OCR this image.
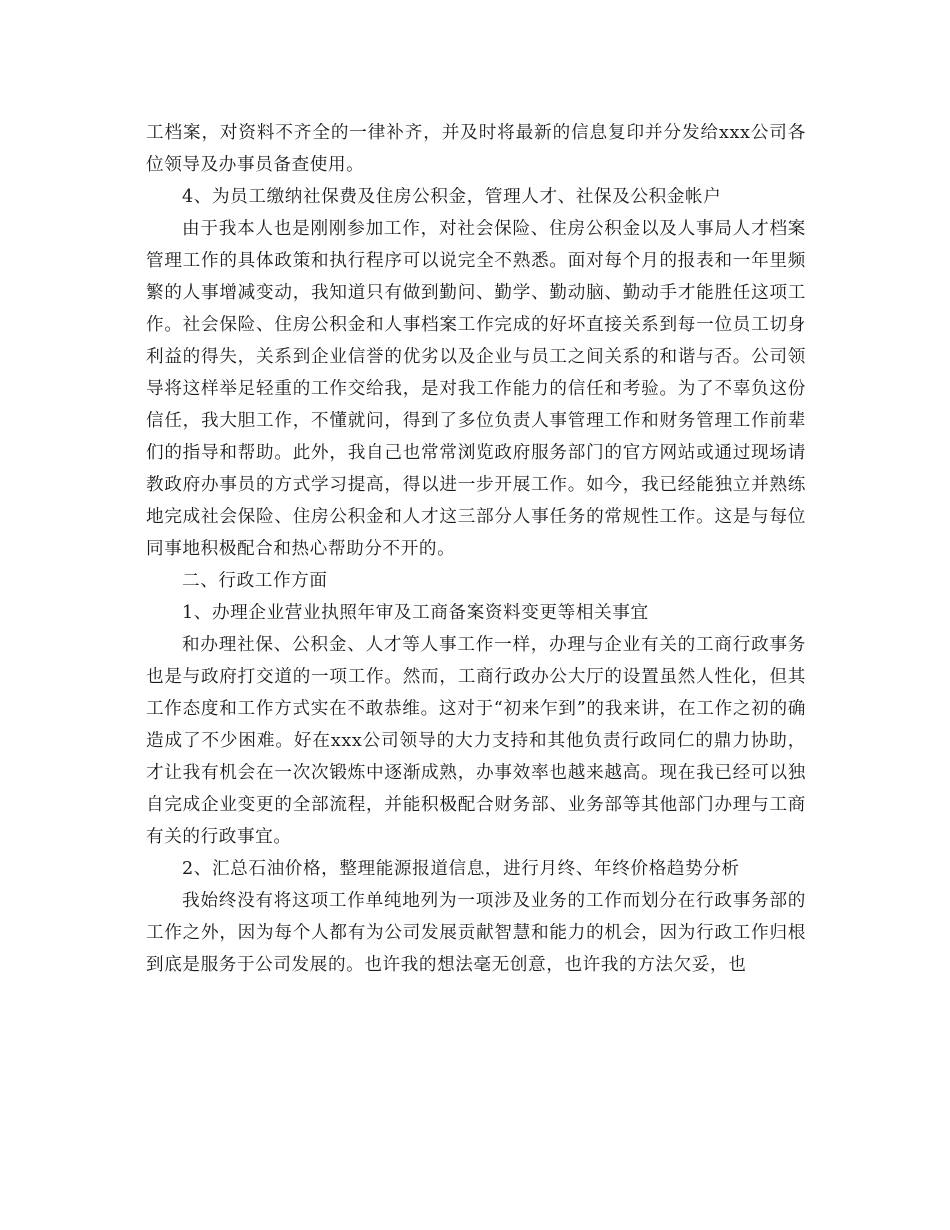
工档案，对资料不齐全的一律补齐，并及时将最新的信息复印并分发给xxx公司各位领导及办事员备查使用。

4、为员工缴纳社保费及住房公积金，管理人才、社保及公积金帐户

由于我本人也是刚刚参加工作，对社会保险、住房公积金以及人事局人才档案管理工作的具体政策和执行程序可以说完全不熟悉。面对每个月的报表和一年里频繁的人事增减变动，我知道只有做到勤问、勤学、勤动脑、勤动手才能胜任这项工作。社会保险、住房公积金和人事档案工作完成的好坏直接关系到每一位员工切身利益的得失，关系到企业信誉的优劣以及企业与员工之间关系的和谐与否。公司领导将这样举足轻重的工作交给我，是对我工作能力的信任和考验。为了不辜负这份信任，我大胆工作，不懂就问，得到了多位负责人事管理工作和财务管理工作前辈们的指导和帮助。此外，我自己也常常浏览政府服务部门的官方网站或通过现场请教政府办事员的方式学习提高，得以进一步开展工作。如今，我已经能独立并熟练地完成社会保险、住房公积金和人才这三部分人事任务的常规性工作。这是与每位同事地积极配合和热心帮助分不开的。

二、行政工作方面

1、办理企业营业执照年审及工商备案资料变更等相关事宜

和办理社保、公积金、人才等人事工作一样，办理与企业有关的工商行政事务也是与政府打交道的一项工作。然而，工商行政办公大厅的设置虽然人性化，但其工作态度和工作方式实在不敢恭维。这对于“初来乍到”的我来讲，在工作之初的确造成了不少困难。好在xxx公司领导的大力支持和其他负责行政同仁的鼎力协助，才让我有机会在一次次锻炼中逐渐成熟，办事效率也越来越高。现在我已经可以独自完成企业变更的全部流程，并能积极配合财务部、业务部等其他部门办理与工商有关的行政事宜。

2、汇总石油价格，整理能源报道信息，进行月终、年终价格趋势分析

我始终没有将这项工作单纯地列为一项涉及业务的工作而划分在行政事务部的工作之外，因为每个人都有为公司发展贡献智慧和能力的机会，因为行政工作归根到底是服务于公司发展的。也许我的想法毫无创意，也许我的方法欠妥，也
